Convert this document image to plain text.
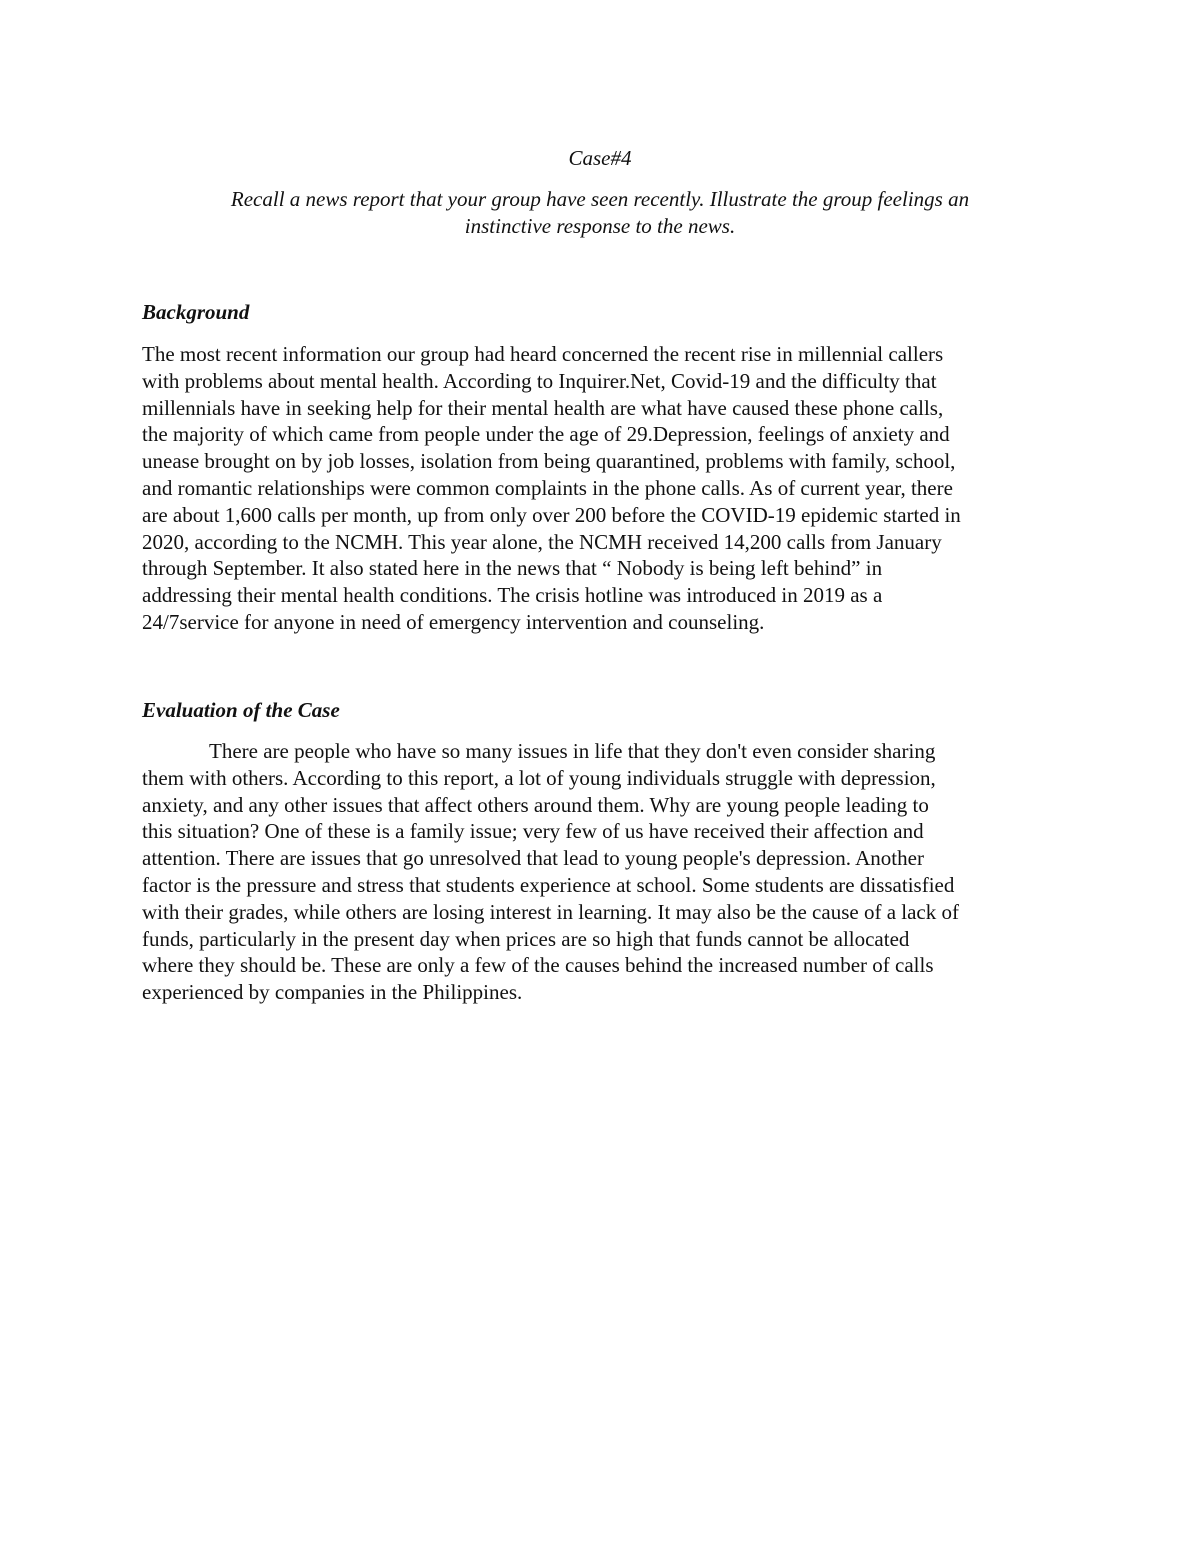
Case#4

Recall a news report that your group have seen recently. Illustrate the group feelings an
instinctive response to the news.

Background

The most recent information our group had heard concerned the recent rise in millennial callers
with problems about mental health. According to Inquirer.Net, Covid-19 and the difficulty that
millennials have in seeking help for their mental health are what have caused these phone calls,
the majority of which came from people under the age of 29.Depression, feelings of anxiety and
unease brought on by job losses, isolation from being quarantined, problems with family, school,
and romantic relationships were common complaints in the phone calls. As of current year, there
are about 1,600 calls per month, up from only over 200 before the COVID-19 epidemic started in
2020, according to the NCMH. This year alone, the NCMH received 14,200 calls from January
through September. It also stated here in the news that “ Nobody is being left behind” in
addressing their mental health conditions. The crisis hotline was introduced in 2019 as a
24/7service for anyone in need of emergency intervention and counseling.

Evaluation of the Case

There are people who have so many issues in life that they don't even consider sharing
them with others. According to this report, a lot of young individuals struggle with depression,
anxiety, and any other issues that affect others around them. Why are young people leading to
this situation? One of these is a family issue; very few of us have received their affection and
attention. There are issues that go unresolved that lead to young people's depression. Another
factor is the pressure and stress that students experience at school. Some students are dissatisfied
with their grades, while others are losing interest in learning. It may also be the cause of a lack of
funds, particularly in the present day when prices are so high that funds cannot be allocated
where they should be. These are only a few of the causes behind the increased number of calls
experienced by companies in the Philippines.
